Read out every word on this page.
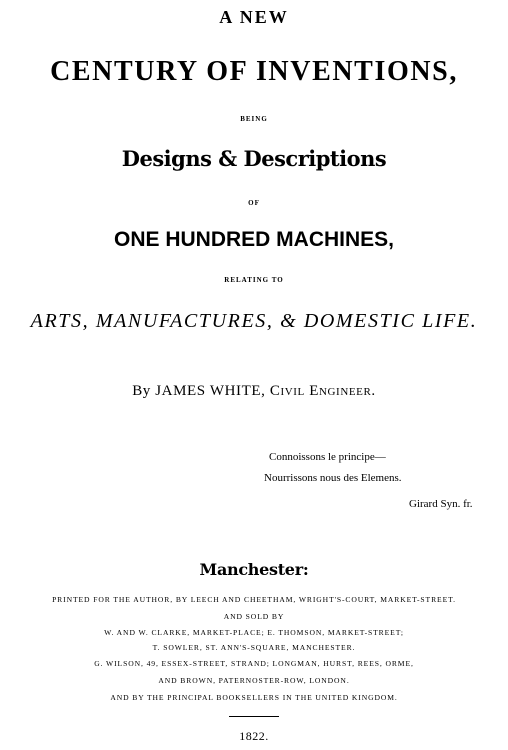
A NEW

CENTURY OF INVENTIONS,

BEING

Designs & Descriptions

OF

ONE HUNDRED MACHINES,

RELATING TO

ARTS, MANUFACTURES, & DOMESTIC LIFE.

By JAMES WHITE, Civil Engineer.

Connoissons le principe—

Nourrissons nous des Elemens.

Girard Syn. fr.

Manchester:

PRINTED FOR THE AUTHOR, BY LEECH AND CHEETHAM, WRIGHT'S-COURT, MARKET-STREET.

AND SOLD BY

W. AND W. CLARKE, MARKET-PLACE; E. THOMSON, MARKET-STREET;

T. SOWLER, ST. ANN'S-SQUARE, MANCHESTER.

G. WILSON, 49, ESSEX-STREET, STRAND; LONGMAN, HURST, REES, ORME,

AND BROWN, PATERNOSTER-ROW, LONDON.

AND BY THE PRINCIPAL BOOKSELLERS IN THE UNITED KINGDOM.

1822.
